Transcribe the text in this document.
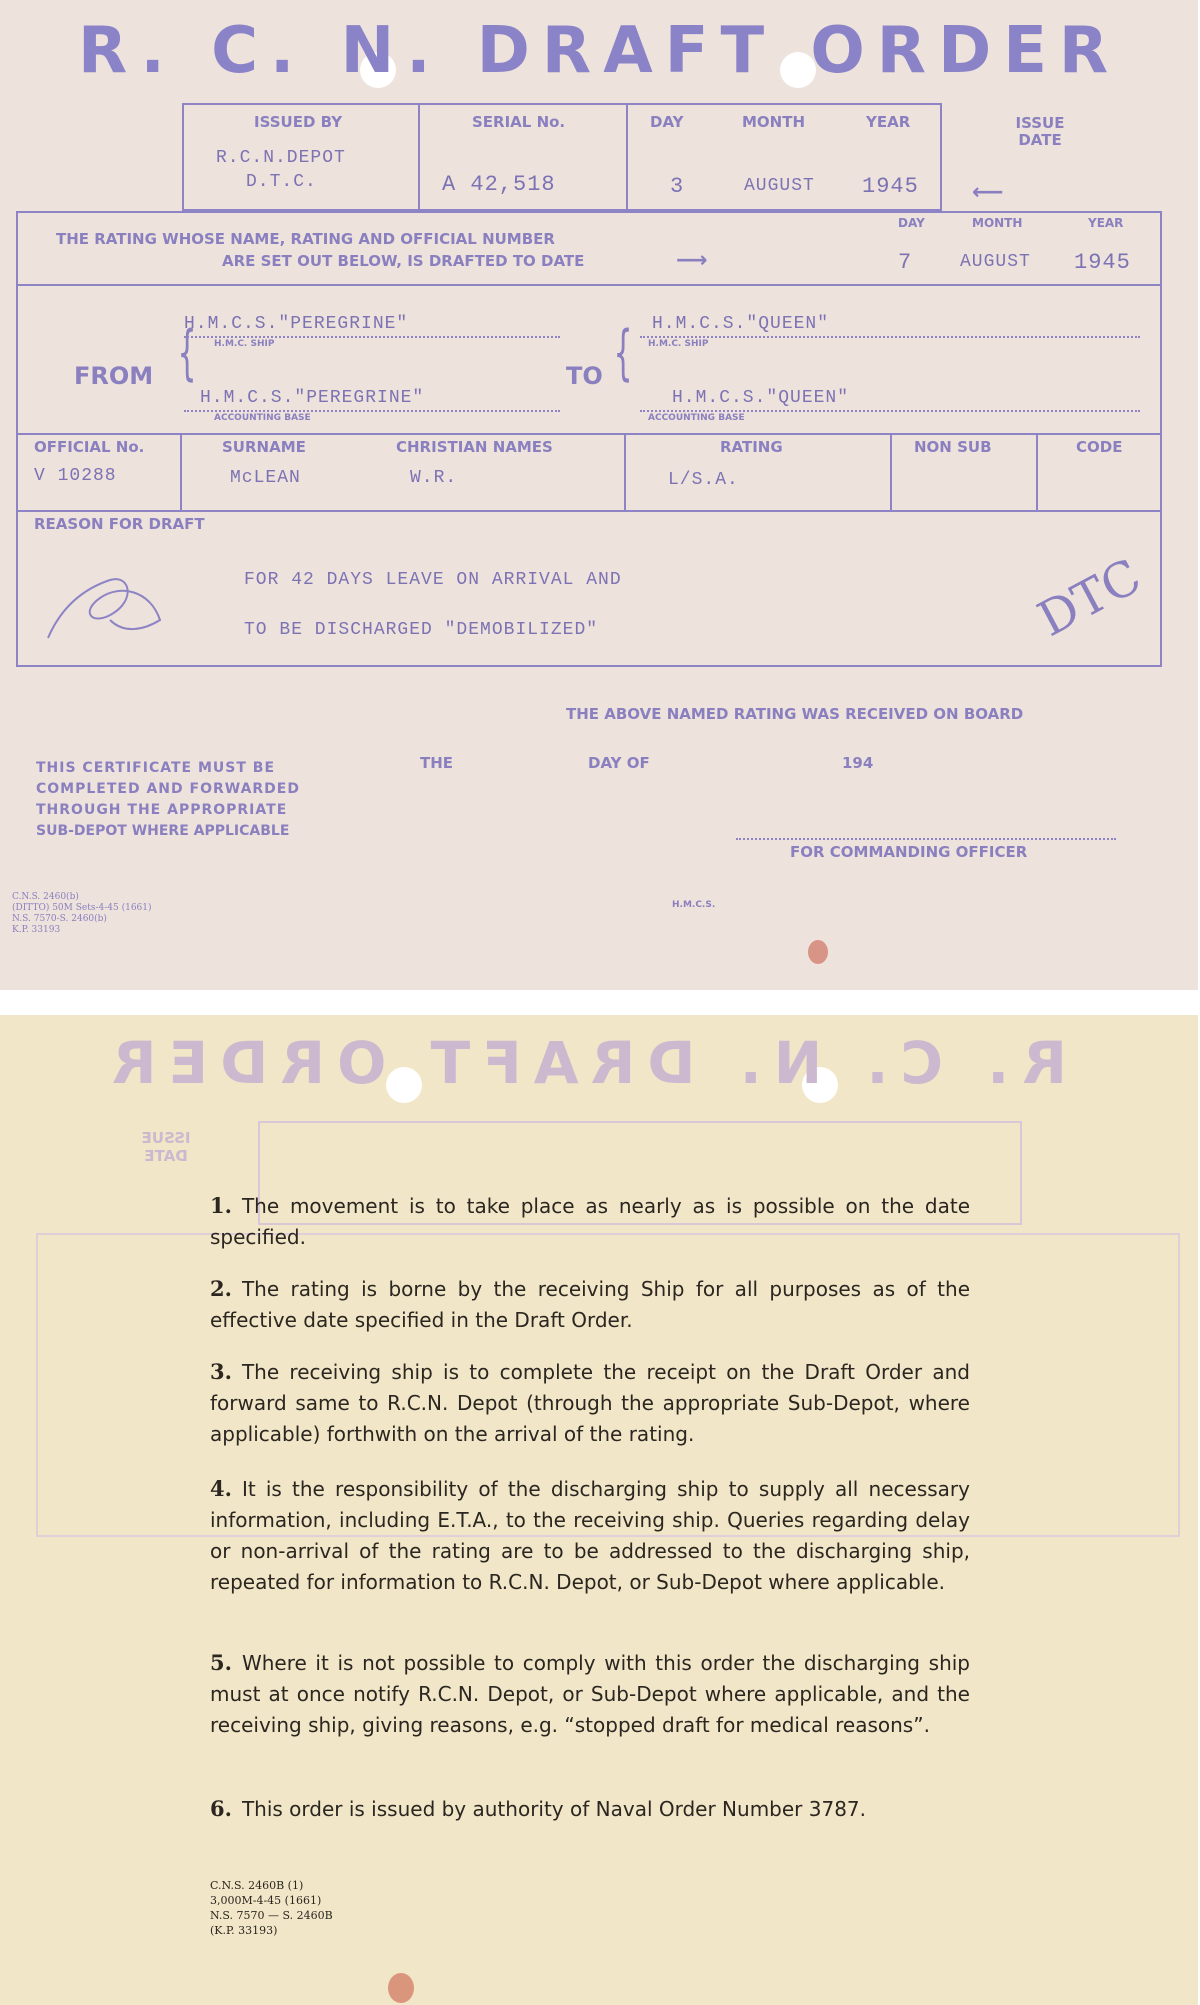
R. C. N. DRAFT ORDER
ISSUED BY
R.C.N.DEPOT
D.T.C.
SERIAL No.
A 42,518
DAY	MONTH	YEAR
3	AUGUST 1945
ISSUE DATE
⟵
THE RATING WHOSE NAME, RATING AND OFFICIAL NUMBER
ARE SET OUT BELOW, IS DRAFTED TO DATE	⟶
DAY	MONTH	YEAR
7	AUGUST 1945
FROM {
H.M.C.S."PEREGRINE"
H.M.C. SHIP
H.M.C.S."PEREGRINE"
ACCOUNTING BASE
TO { H.M.C.S."QUEEN"
H.M.C. SHIP
H.M.C.S."QUEEN"
ACCOUNTING BASE
OFFICIAL No.	SURNAME	CHRISTIAN NAMES	RATING	NON SUB	CODE
V 10288	McLEAN	W.R.	L/S.A.
REASON FOR DRAFT
FOR 42 DAYS LEAVE ON ARRIVAL AND
TO BE DISCHARGED "DEMOBILIZED"	DTC
THE ABOVE NAMED RATING WAS RECEIVED ON BOARD
THE	DAY OF	194
THIS CERTIFICATE MUST BE
COMPLETED AND FORWARDED
THROUGH THE APPROPRIATE
SUB-DEPOT WHERE APPLICABLE
FOR COMMANDING OFFICER
H.M.C.S.
C.N.S. 2460(b)
(DITTO) 50M Sets-4-45 (1661)
N.S. 7570-S. 2460(b)
K.P. 33193
R. C. N. DRAFT ORDER
ISSUE DATE
1. The movement is to take place as nearly as is possible on the date specified.
2. The rating is borne by the receiving Ship for all purposes as of the effective date specified in the Draft Order.
3. The receiving ship is to complete the receipt on the Draft Order and forward same to R.C.N. Depot (through the appropriate Sub-Depot, where applicable) forthwith on the arrival of the rating.
4. It is the responsibility of the discharging ship to supply all necessary information, including E.T.A., to the receiving ship. Queries regarding delay or non-arrival of the rating are to be addressed to the discharging ship, repeated for information to R.C.N. Depot, or Sub-Depot where applicable.
5. Where it is not possible to comply with this order the discharging ship must at once notify R.C.N. Depot, or Sub-Depot where applicable, and the receiving ship, giving reasons, e.g. “stopped draft for medical reasons”.
6. This order is issued by authority of Naval Order Number 3787.
C.N.S. 2460B (1)
3,000M-4-45 (1661)
N.S. 7570 — S. 2460B
(K.P. 33193)
